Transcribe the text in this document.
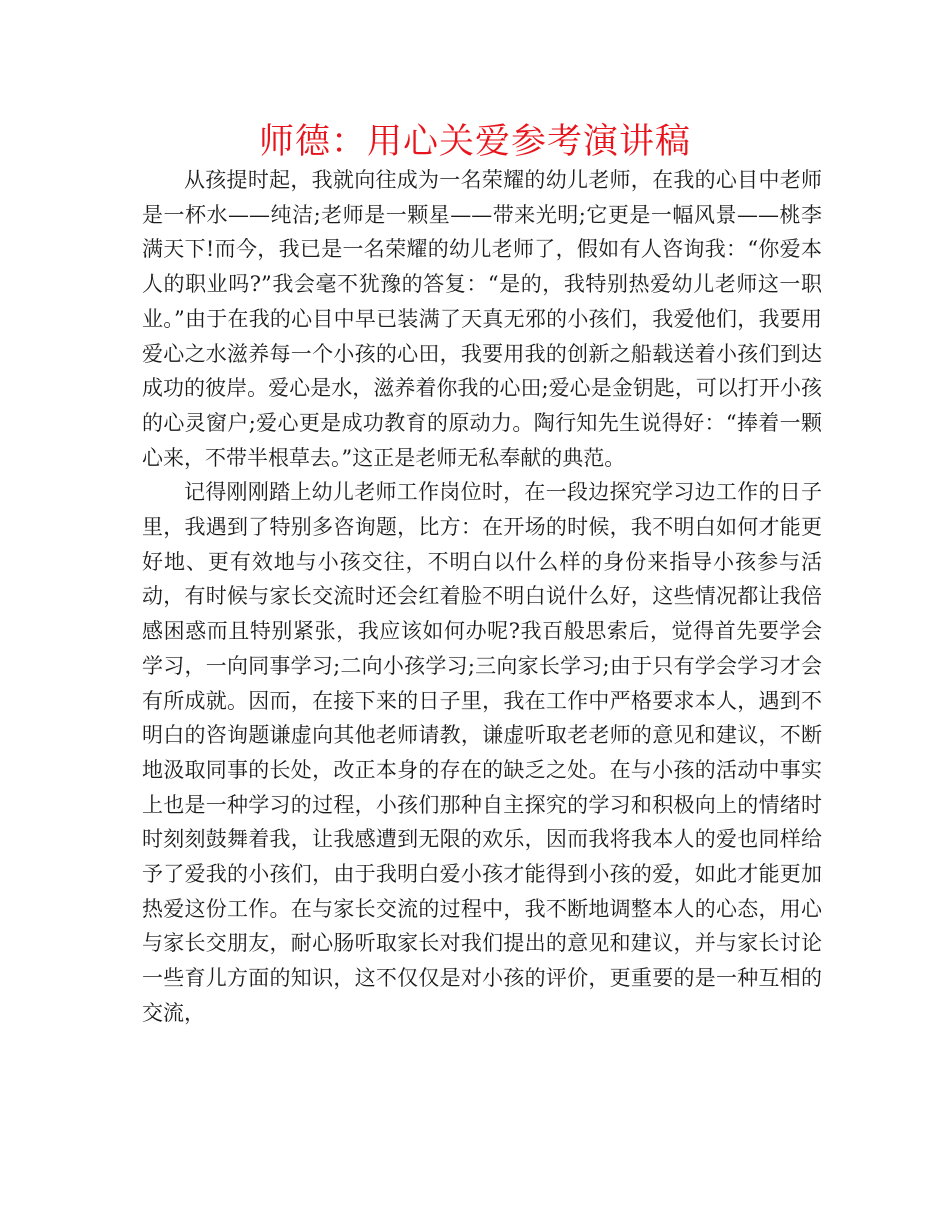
师德：用心关爱参考演讲稿

从孩提时起，我就向往成为一名荣耀的幼儿老师，在我的心目中老师是一杯水——纯洁;老师是一颗星——带来光明;它更是一幅风景——桃李满天下!而今，我已是一名荣耀的幼儿老师了，假如有人咨询我：“你爱本人的职业吗?”我会毫不犹豫的答复：“是的，我特别热爱幼儿老师这一职业。”由于在我的心目中早已装满了天真无邪的小孩们，我爱他们，我要用爱心之水滋养每一个小孩的心田，我要用我的创新之船载送着小孩们到达成功的彼岸。爱心是水，滋养着你我的心田;爱心是金钥匙，可以打开小孩的心灵窗户;爱心更是成功教育的原动力。陶行知先生说得好：“捧着一颗心来，不带半根草去。”这正是老师无私奉献的典范。

记得刚刚踏上幼儿老师工作岗位时，在一段边探究学习边工作的日子里，我遇到了特别多咨询题，比方：在开场的时候，我不明白如何才能更好地、更有效地与小孩交往，不明白以什么样的身份来指导小孩参与活动，有时候与家长交流时还会红着脸不明白说什么好，这些情况都让我倍感困惑而且特别紧张，我应该如何办呢?我百般思索后，觉得首先要学会学习，一向同事学习;二向小孩学习;三向家长学习;由于只有学会学习才会有所成就。因而，在接下来的日子里，我在工作中严格要求本人，遇到不明白的咨询题谦虚向其他老师请教，谦虚听取老老师的意见和建议，不断地汲取同事的长处，改正本身的存在的缺乏之处。在与小孩的活动中事实上也是一种学习的过程，小孩们那种自主探究的学习和积极向上的情绪时时刻刻鼓舞着我，让我感遭到无限的欢乐，因而我将我本人的爱也同样给予了爱我的小孩们，由于我明白爱小孩才能得到小孩的爱，如此才能更加热爱这份工作。在与家长交流的过程中，我不断地调整本人的心态，用心与家长交朋友，耐心肠听取家长对我们提出的意见和建议，并与家长讨论一些育儿方面的知识，这不仅仅是对小孩的评价，更重要的是一种互相的交流，
